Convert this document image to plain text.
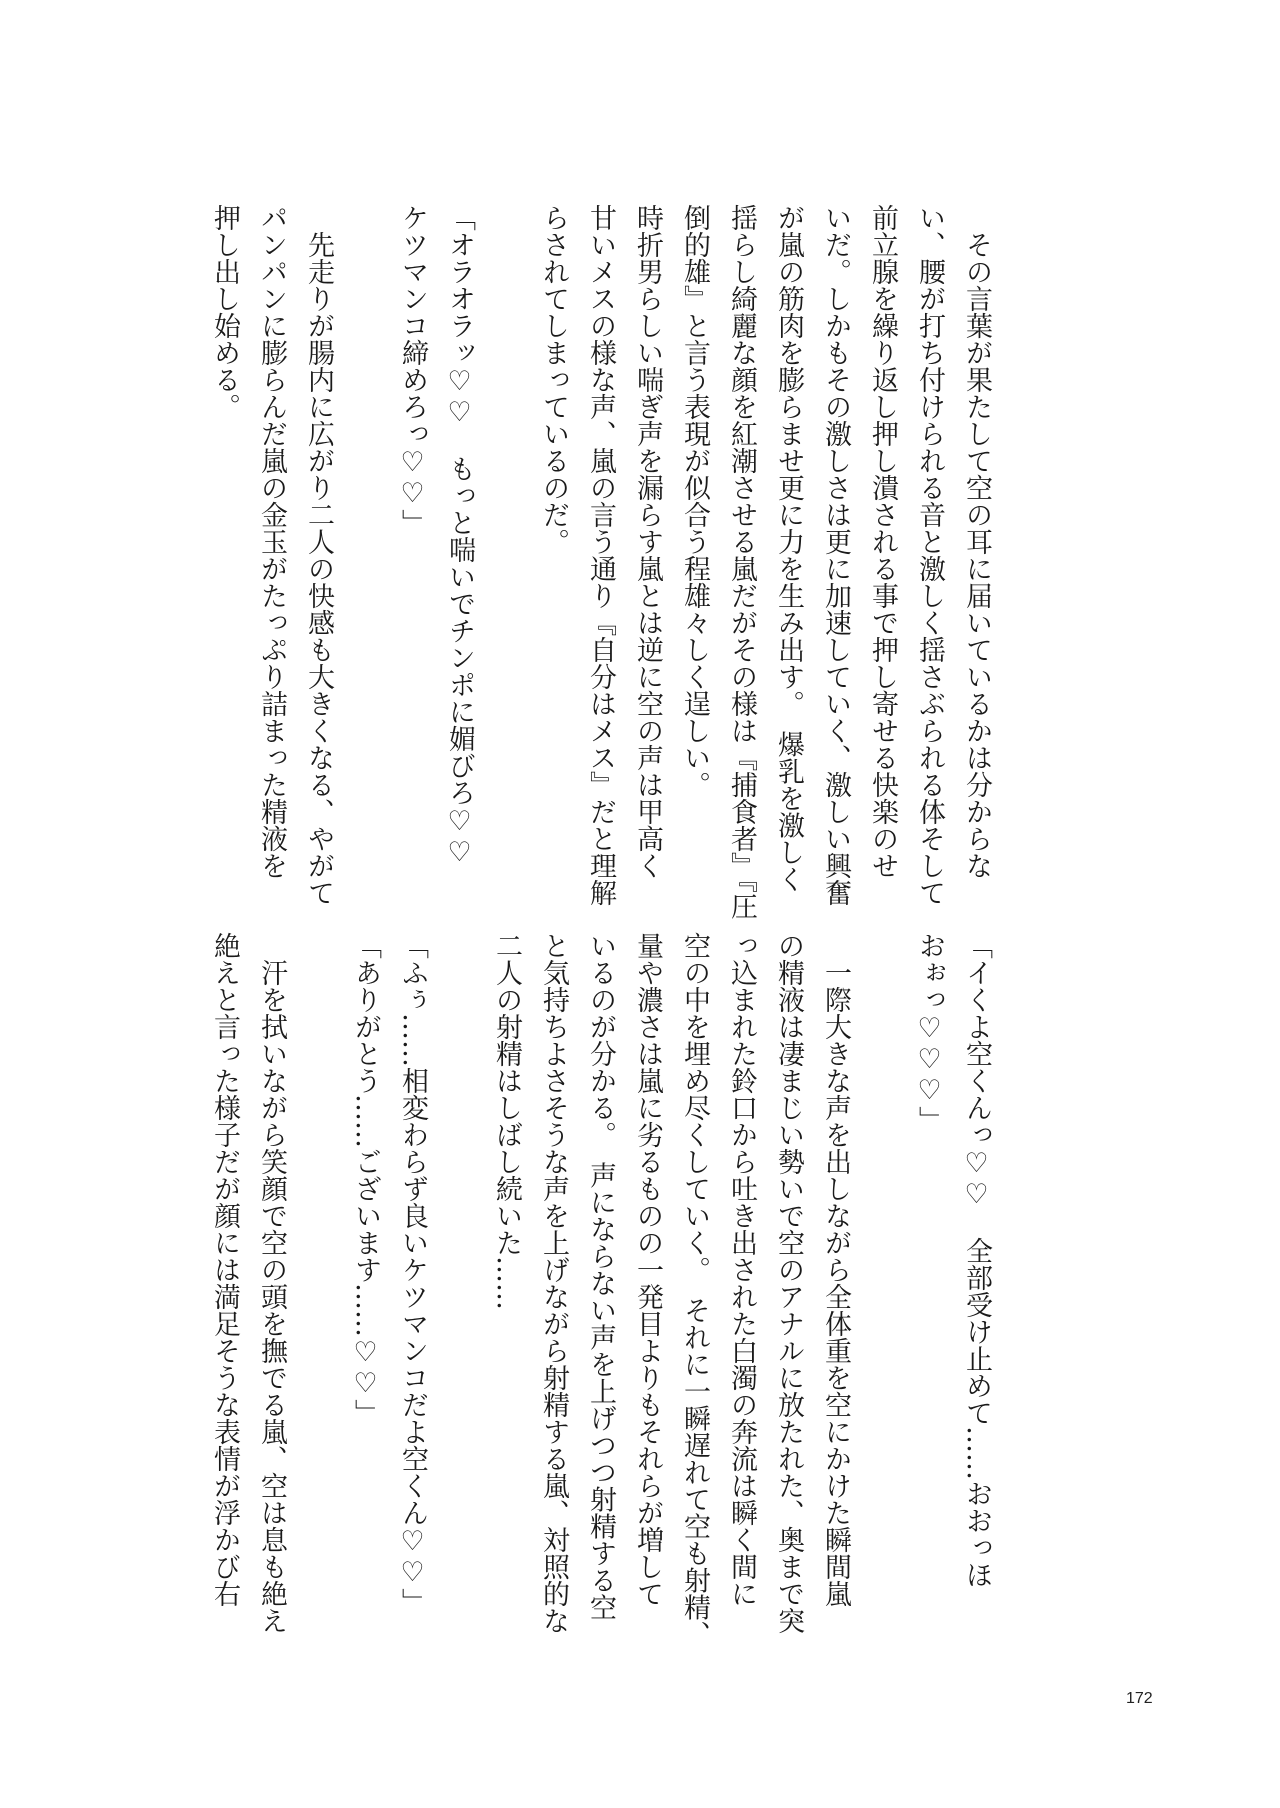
　その言葉が果たして空の耳に届いているかは分からな
い、腰が打ち付けられる音と激しく揺さぶられる体そして
前立腺を繰り返し押し潰される事で押し寄せる快楽のせ
いだ。しかもその激しさは更に加速していく、激しい興奮
が嵐の筋肉を膨らませ更に力を生み出す。　爆乳を激しく
揺らし綺麗な顔を紅潮させる嵐だがその様は『捕食者』『圧
倒的雄』と言う表現が似合う程雄々しく逞しい。
時折男らしい喘ぎ声を漏らす嵐とは逆に空の声は甲高く
甘いメスの様な声、嵐の言う通り『自分はメス』だと理解
らされてしまっているのだ。
「オラオラッ♡♡　もっと喘いでチンポに媚びろ♡♡
ケツマンコ締めろっ♡♡」
　先走りが腸内に広がり二人の快感も大きくなる、やがて
パンパンに膨らんだ嵐の金玉がたっぷり詰まった精液を
押し出し始める。
「イくよ空くんっ♡♡　全部受け止めて……おおっほ
おぉっ♡♡♡」
　一際大きな声を出しながら全体重を空にかけた瞬間嵐
の精液は凄まじい勢いで空のアナルに放たれた、奥まで突
っ込まれた鈴口から吐き出された白濁の奔流は瞬く間に
空の中を埋め尽くしていく。　それに一瞬遅れて空も射精、
量や濃さは嵐に劣るものの一発目よりもそれらが増して
いるのが分かる。　声にならない声を上げつつ射精する空
と気持ちよさそうな声を上げながら射精する嵐、対照的な
二人の射精はしばし続いた……
「ふぅ……相変わらず良いケツマンコだよ空くん♡♡」
「ありがとう……ございます……♡♡」
　汗を拭いながら笑顔で空の頭を撫でる嵐、空は息も絶え
絶えと言った様子だが顔には満足そうな表情が浮かび右
172
